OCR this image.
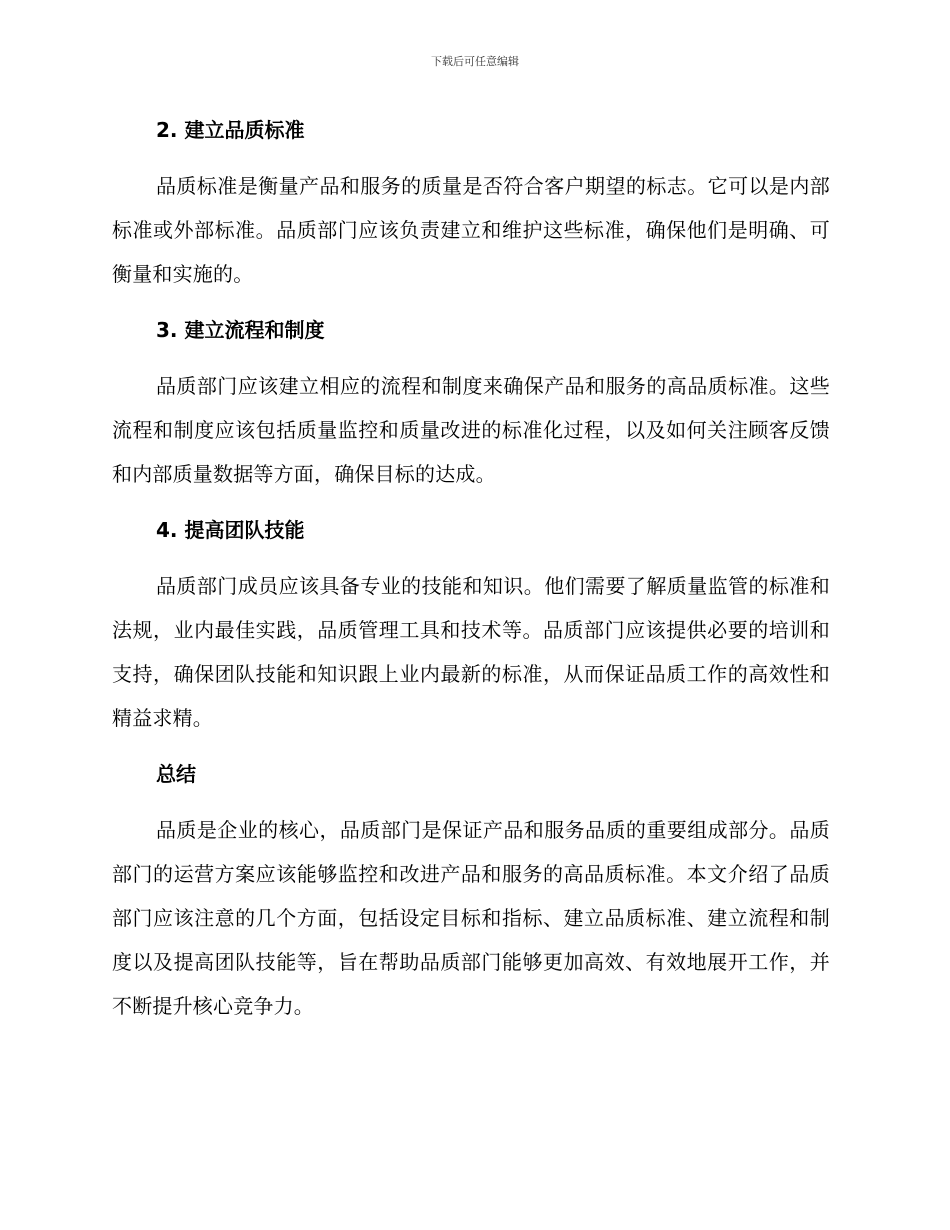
下载后可任意编辑
2. 建立品质标准

品质标准是衡量产品和服务的质量是否符合客户期望的标志。它可以是内部标准或外部标准。品质部门应该负责建立和维护这些标准，确保他们是明确、可衡量和实施的。

3. 建立流程和制度

品质部门应该建立相应的流程和制度来确保产品和服务的高品质标准。这些流程和制度应该包括质量监控和质量改进的标准化过程，以及如何关注顾客反馈和内部质量数据等方面，确保目标的达成。

4. 提高团队技能

品质部门成员应该具备专业的技能和知识。他们需要了解质量监管的标准和法规，业内最佳实践，品质管理工具和技术等。品质部门应该提供必要的培训和支持，确保团队技能和知识跟上业内最新的标准，从而保证品质工作的高效性和精益求精。

总结

品质是企业的核心，品质部门是保证产品和服务品质的重要组成部分。品质部门的运营方案应该能够监控和改进产品和服务的高品质标准。本文介绍了品质部门应该注意的几个方面，包括设定目标和指标、建立品质标准、建立流程和制度以及提高团队技能等，旨在帮助品质部门能够更加高效、有效地展开工作，并不断提升核心竞争力。
